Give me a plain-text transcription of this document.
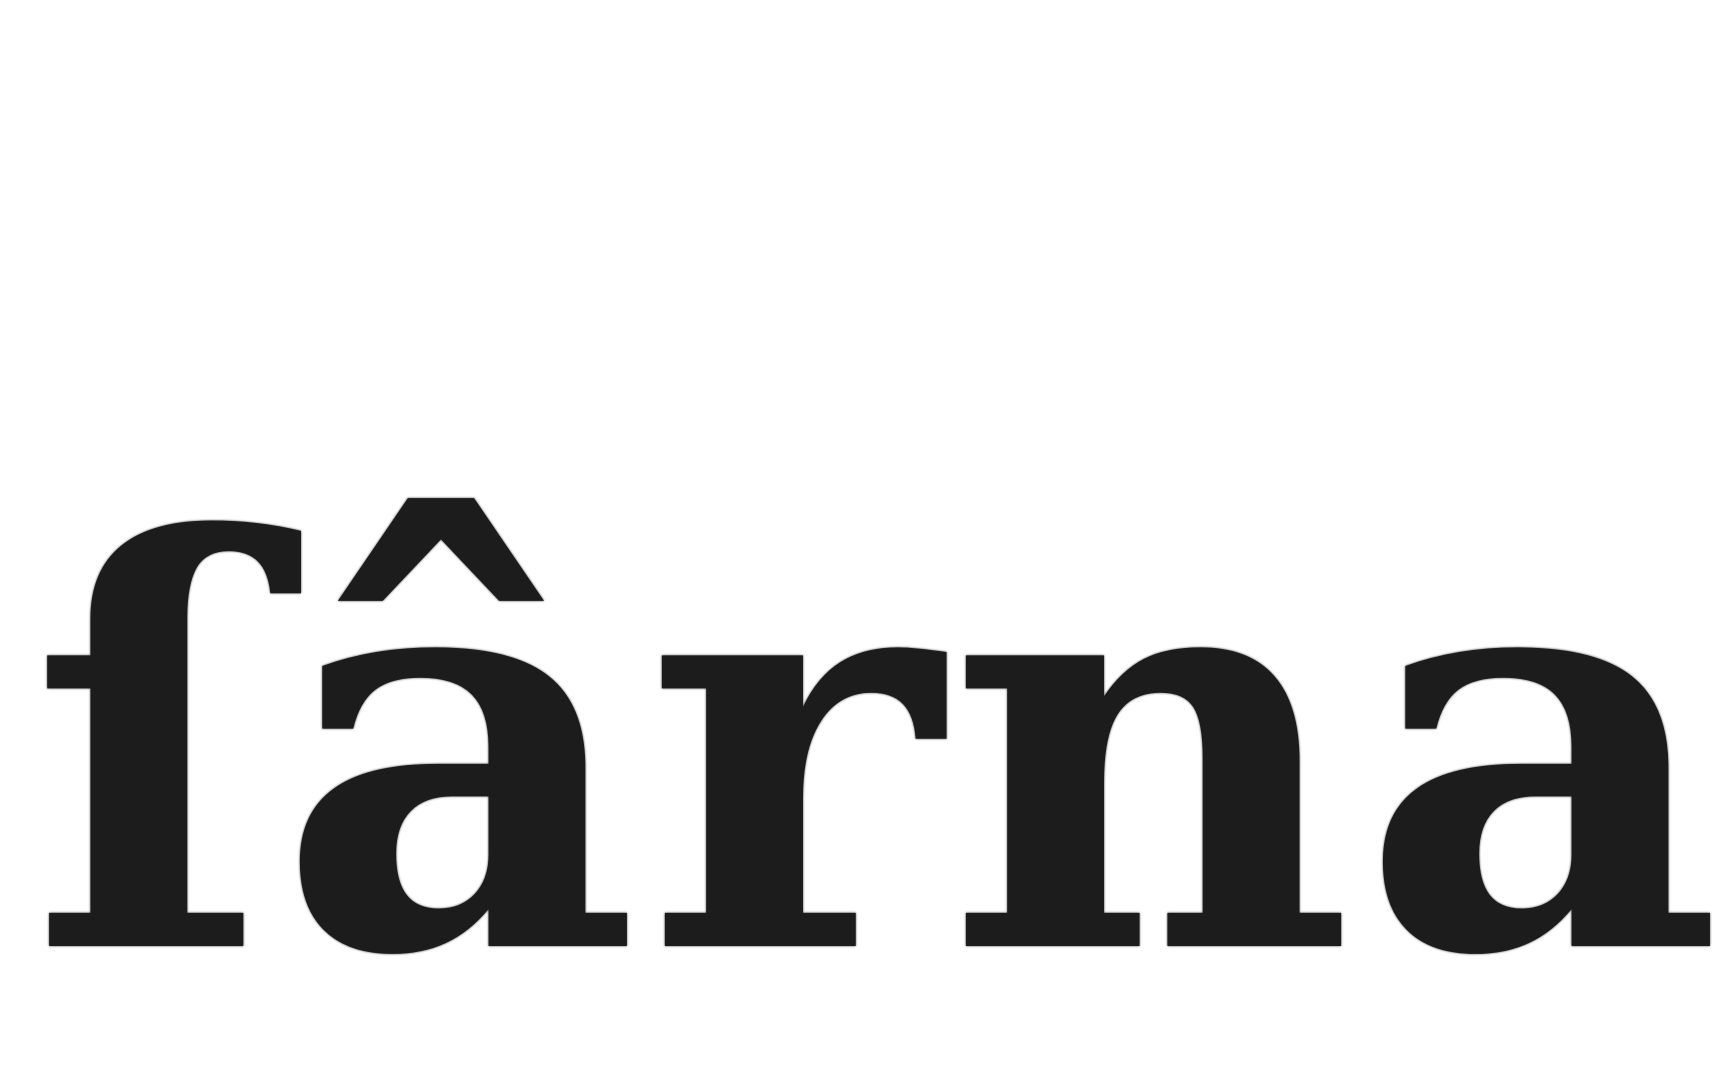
ſârna
